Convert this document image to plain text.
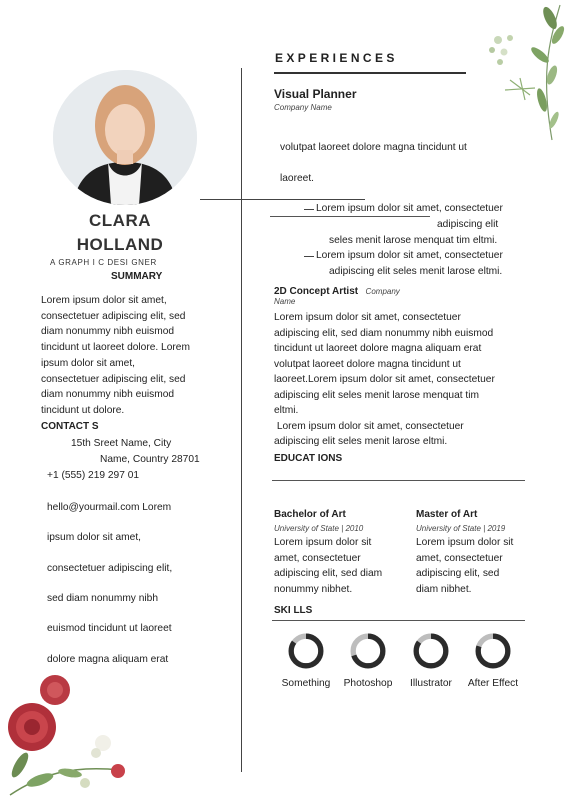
CLARA
HOLLAND
A GRAPH I C DESI GNER
SUMMARY
Lorem ipsum dolor sit amet,
consectetuer adipiscing elit, sed
diam nonummy nibh euismod
tincidunt ut laoreet dolore. Lorem
ipsum dolor sit amet,
consectetuer adipiscing elit, sed
diam nonummy nibh euismod
tincidunt ut dolore.
CONTACT S
15th Sreet Name, City
Name, Country 28701
+1 (555) 219 297 01
hello@yourmail.com Lorem
ipsum dolor sit amet,
consectetuer adipiscing elit,
sed diam nonummy nibh
euismod tincidunt ut laoreet
dolore magna aliquam erat
EXPERIENCES
Visual Planner
Company Name
volutpat laoreet dolore magna tincidunt ut
laoreet.
Lorem ipsum dolor sit amet, consectetuer
adipiscing elit
seles menit larose menquat tim eltmi.
Lorem ipsum dolor sit amet, consectetuer
adipiscing elit seles menit larose eltmi.
2D Concept Artist Company
Name
Lorem ipsum dolor sit amet, consectetuer
adipiscing elit, sed diam nonummy nibh euismod
tincidunt ut laoreet dolore magna aliquam erat
volutpat laoreet dolore magna tincidunt ut
laoreet.Lorem ipsum dolor sit amet, consectetuer
adipiscing elit seles menit larose menquat tim
eltmi.
Lorem ipsum dolor sit amet, consectetuer
adipiscing elit seles menit larose eltmi.
EDUCAT IONS
Bachelor of Art
University of State | 2010
Lorem ipsum dolor sit
amet, consectetuer
adipiscing elit, sed diam
nonummy nibhet.
Master of Art
University of State | 2019
Lorem ipsum dolor sit
amet, consectetuer
adipiscing elit, sed
diam nibhet.
SKI LLS
Something	Photoshop	Illustrator	After Effect
